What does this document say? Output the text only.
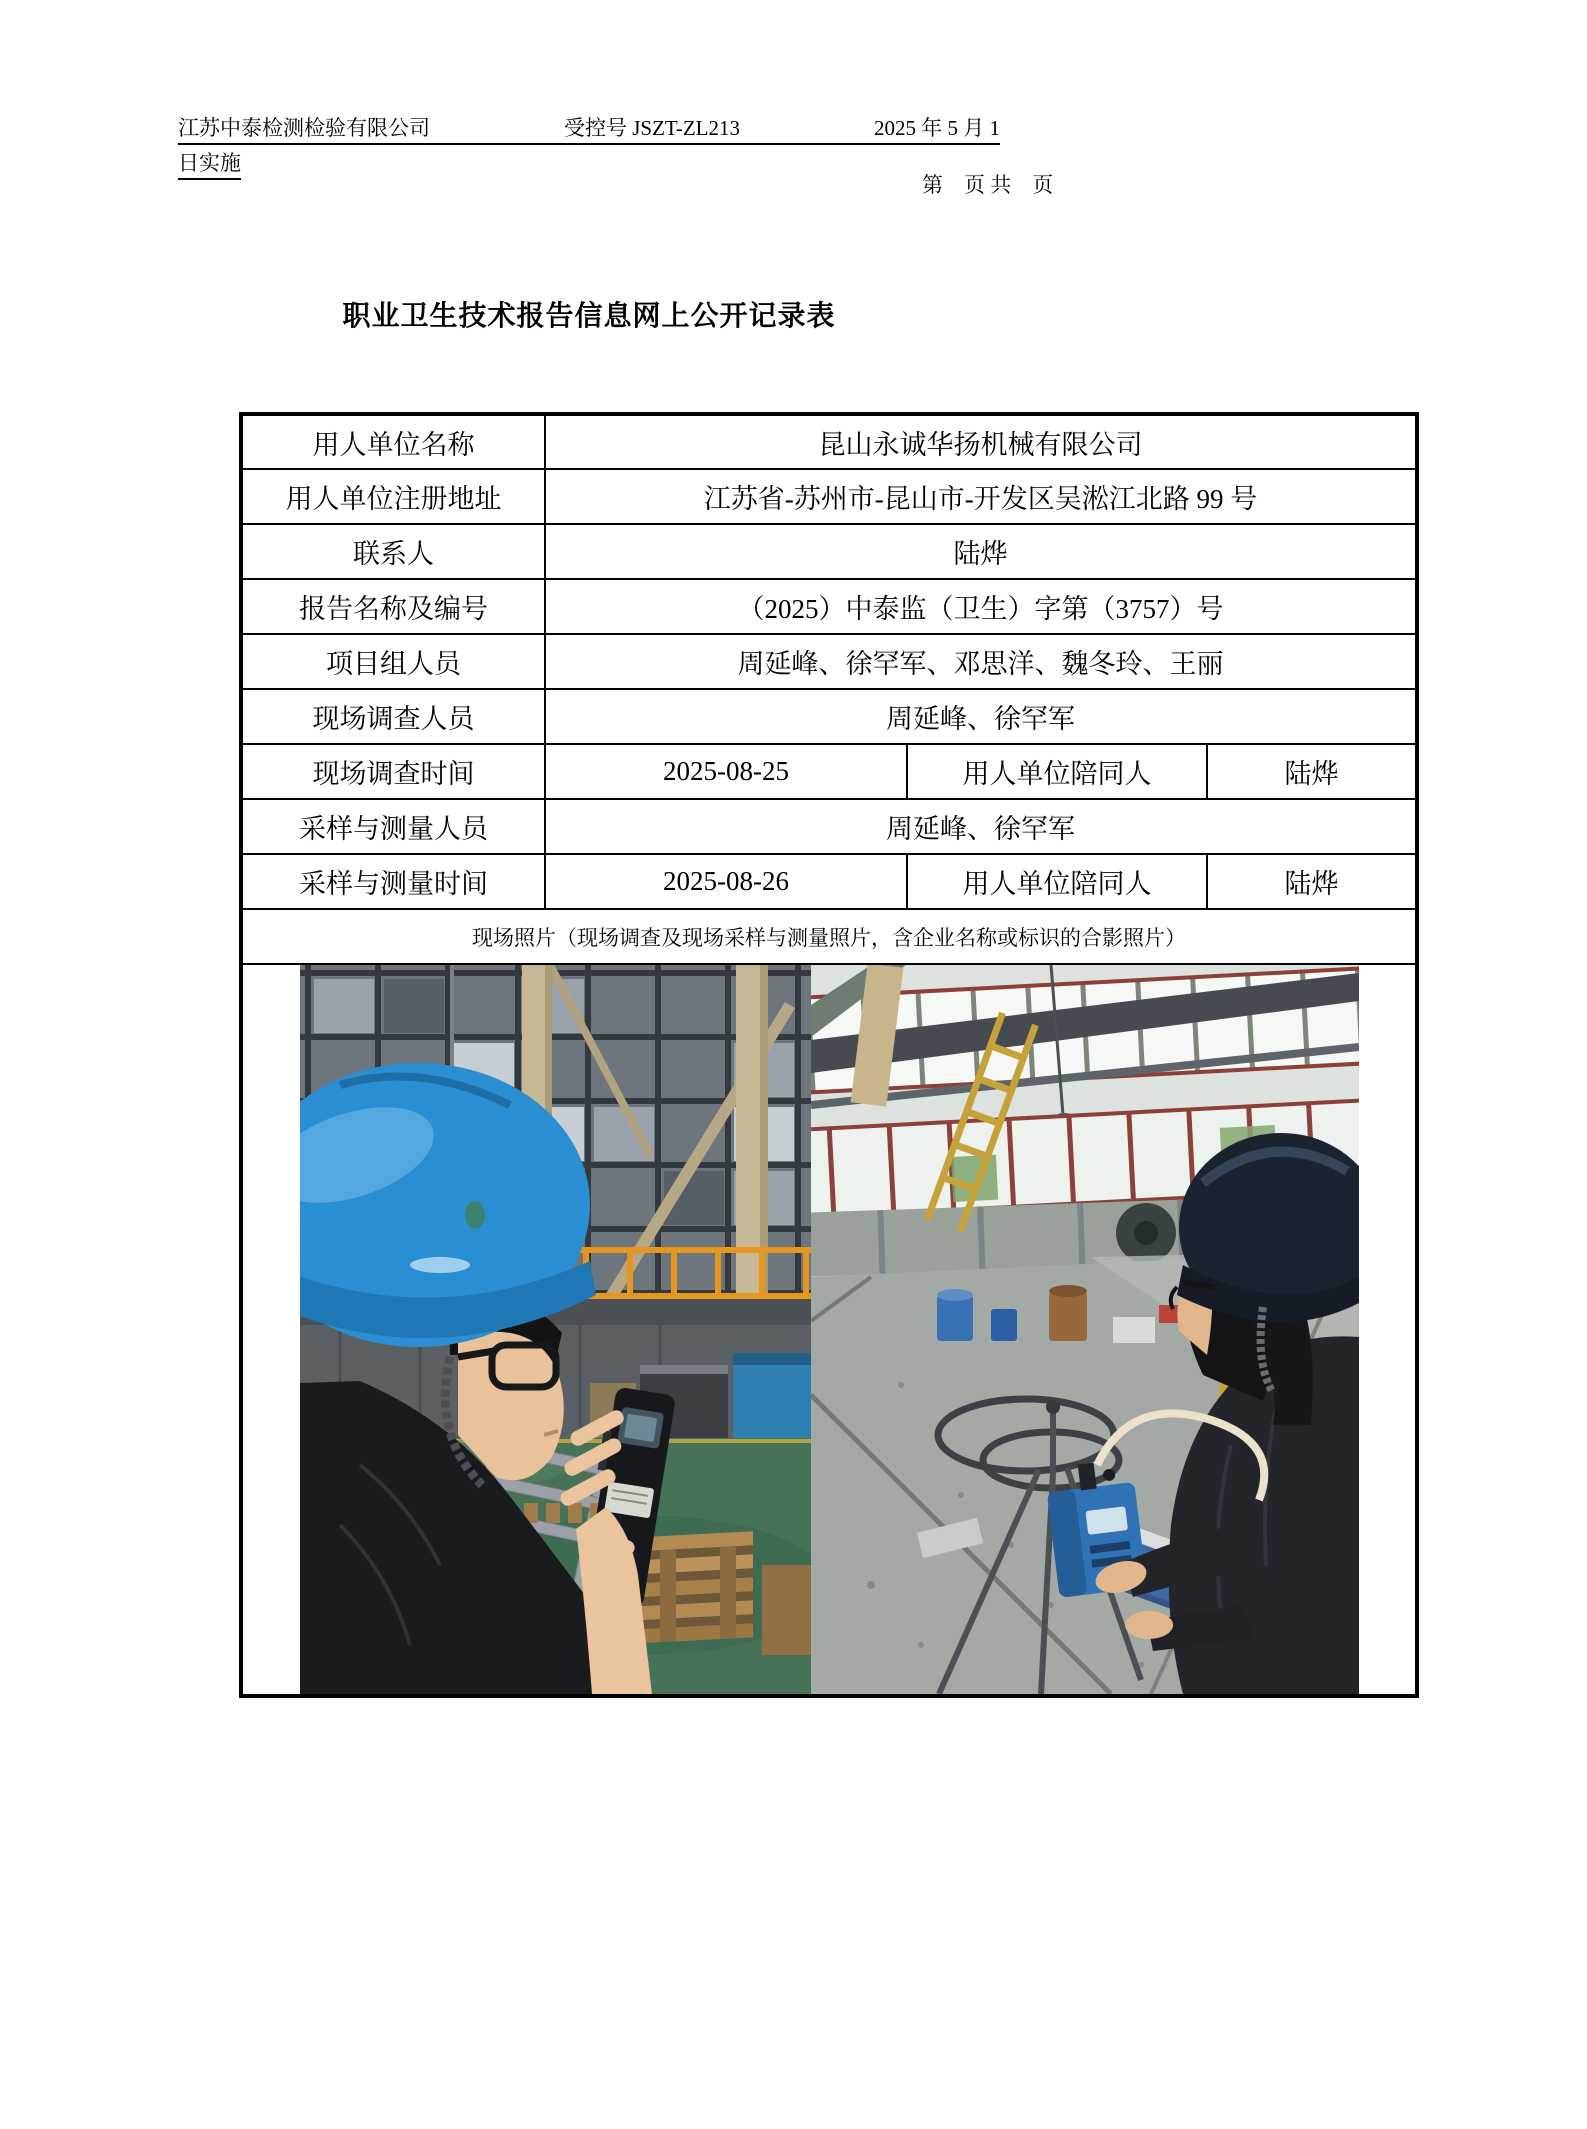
江苏中泰检测检验有限公司	受控号 JSZT-ZL213	2025 年 5 月 1
日实施
第　页 共　页
职业卫生技术报告信息网上公开记录表
用人单位名称	昆山永诚华扬机械有限公司		
用人单位注册地址	江苏省-苏州市-昆山市-开发区吴淞江北路 99 号		
联系人	陆烨		
报告名称及编号	（2025）中泰监（卫生）字第（3757）号		
项目组人员	周延峰、徐罕军、邓思洋、魏冬玲、王丽		
现场调查人员	周延峰、徐罕军		
现场调查时间	2025-08-25	用人单位陪同人	陆烨
采样与测量人员	周延峰、徐罕军		
采样与测量时间	2025-08-26	用人单位陪同人	陆烨
现场照片（现场调查及现场采样与测量照片，含企业名称或标识的合影照片）			
